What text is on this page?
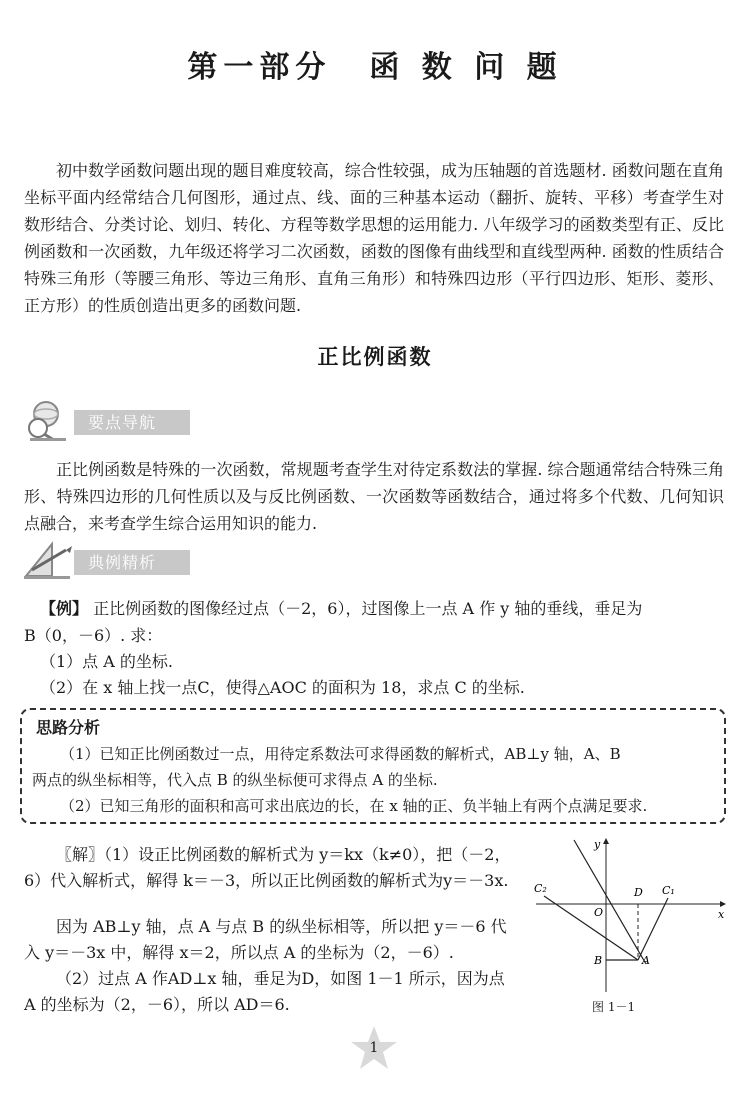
第一部分 函 数 问 题
初中数学函数问题出现的题目难度较高，综合性较强，成为压轴题的首选题材. 函数问题在直角坐标平面内经常结合几何图形，通过点、线、面的三种基本运动（翻折、旋转、平移）考查学生对数形结合、分类讨论、划归、转化、方程等数学思想的运用能力. 八年级学习的函数类型有正、反比例函数和一次函数，九年级还将学习二次函数，函数的图像有曲线型和直线型两种. 函数的性质结合特殊三角形（等腰三角形、等边三角形、直角三角形）和特殊四边形（平行四边形、矩形、菱形、正方形）的性质创造出更多的函数问题.
正比例函数
要点导航
正比例函数是特殊的一次函数，常规题考查学生对待定系数法的掌握. 综合题通常结合特殊三角形、特殊四边形的几何性质以及与反比例函数、一次函数等函数结合，通过将多个代数、几何知识点融合，来考查学生综合运用知识的能力.
典例精析
【例】 正比例函数的图像经过点（－2，6），过图像上一点 A 作 y 轴的垂线，垂足为
B（0，－6）. 求：
（1）点 A 的坐标.
（2）在 x 轴上找一点C，使得△AOC 的面积为 18，求点 C 的坐标.
思路分析
（1）已知正比例函数过一点，用待定系数法可求得函数的解析式，AB⊥y 轴，A、B
两点的纵坐标相等，代入点 B 的纵坐标便可求得点 A 的坐标.
（2）已知三角形的面积和高可求出底边的长，在 x 轴的正、负半轴上有两个点满足要求.
〖解〗（1）设正比例函数的解析式为 y＝kx（k≠0），把（－2，6）代入解析式，解得 k＝－3，所以正比例函数的解析式为y＝－3x.
因为 AB⊥y 轴，点 A 与点 B 的纵坐标相等，所以把 y＝－6 代入 y＝－3x 中，解得 x＝2，所以点 A 的坐标为（2，－6）.
（2）过点 A 作AD⊥x 轴，垂足为D，如图 1－1 所示，因为点 A 的坐标为（2，－6），所以 AD＝6.
y
x
O
D C₁
C₂
B	A
图 1－1
1
